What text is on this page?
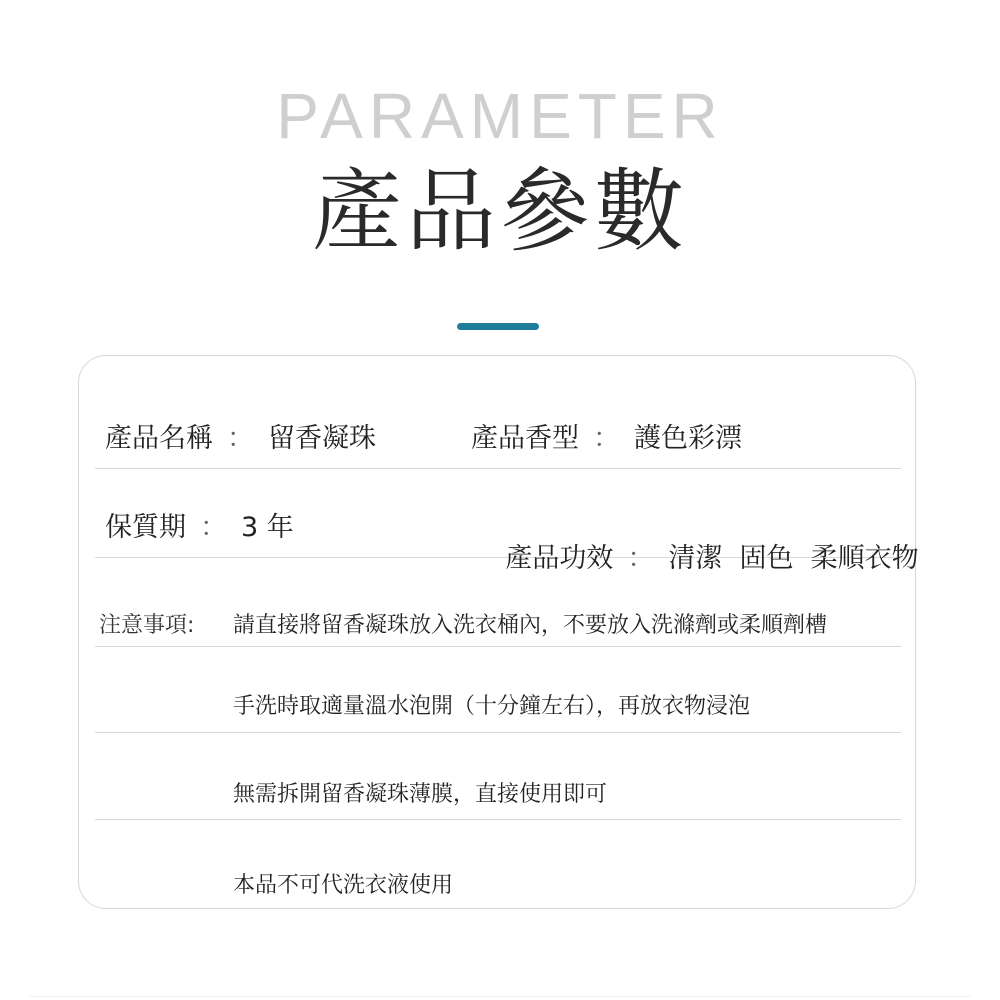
PARAMETER
產品參數
產品名稱 ： 留香凝珠	產品香型 ： 護色彩漂
保質期 ： 3 年

產品功效 ： 清潔  固色  柔順衣物

注意事項: 請直接將留香凝珠放入洗衣桶內，不要放入洗滌劑或柔順劑槽
手洗時取適量溫水泡開（十分鐘左右），再放衣物浸泡
無需拆開留香凝珠薄膜，直接使用即可
本品不可代洗衣液使用
